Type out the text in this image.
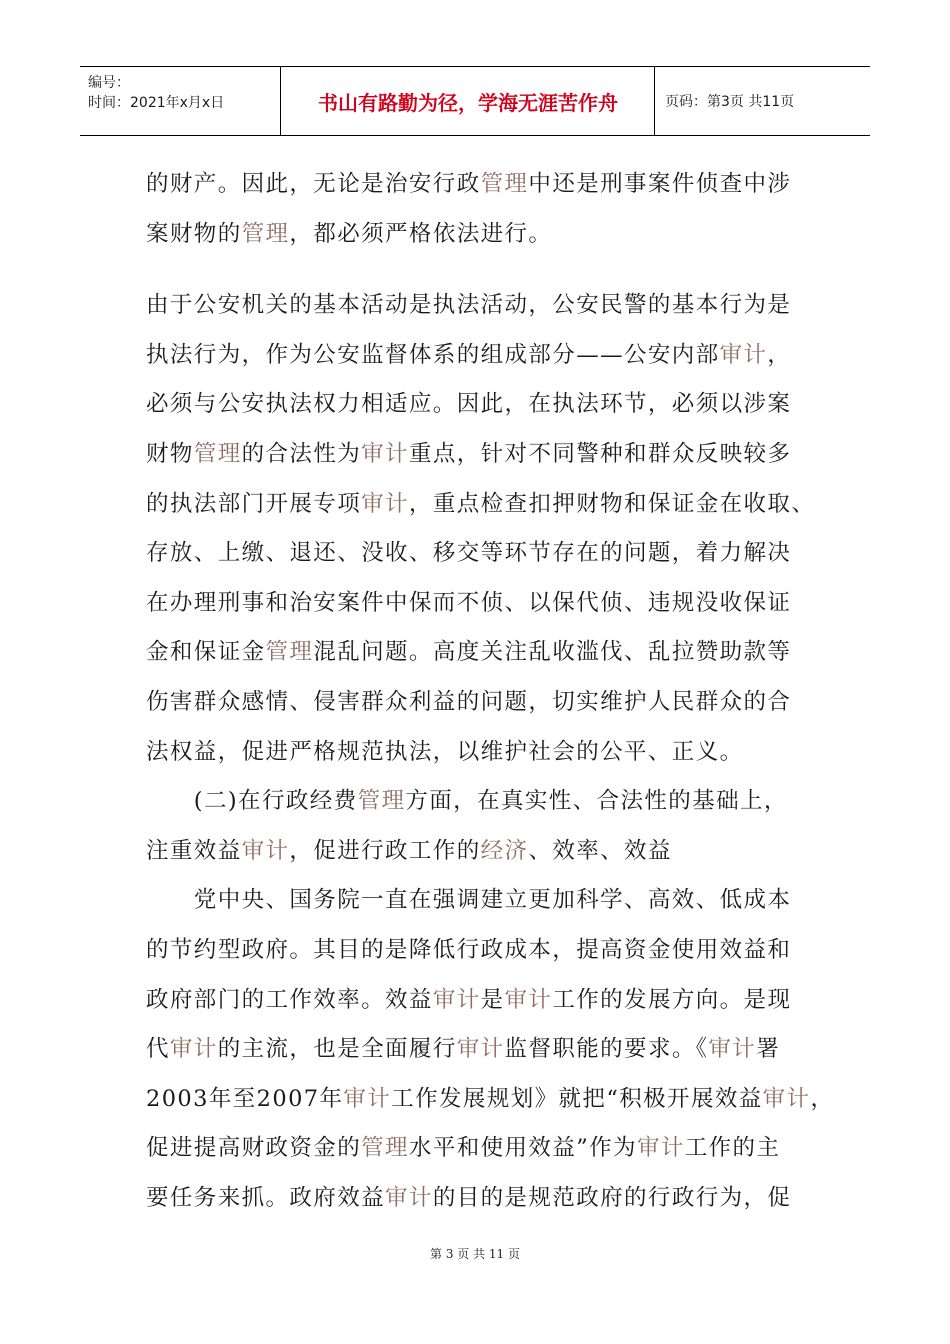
编号：
时间：2021年x月x日	书山有路勤为径，学海无涯苦作舟	页码：第3页 共11页

的财产。因此，无论是治安行政管理中还是刑事案件侦查中涉

案财物的管理，都必须严格依法进行。

由于公安机关的基本活动是执法活动，公安民警的基本行为是

执法行为，作为公安监督体系的组成部分——公安内部审计，

必须与公安执法权力相适应。因此，在执法环节，必须以涉案

财物管理的合法性为审计重点，针对不同警种和群众反映较多

的执法部门开展专项审计，重点检查扣押财物和保证金在收取、

存放、上缴、退还、没收、移交等环节存在的问题，着力解决

在办理刑事和治安案件中保而不侦、以保代侦、违规没收保证

金和保证金管理混乱问题。高度关注乱收滥伐、乱拉赞助款等

伤害群众感情、侵害群众利益的问题，切实维护人民群众的合

法权益，促进严格规范执法，以维护社会的公平、正义。

　　(二)在行政经费管理方面，在真实性、合法性的基础上，

注重效益审计，促进行政工作的经济、效率、效益

　　党中央、国务院一直在强调建立更加科学、高效、低成本

的节约型政府。其目的是降低行政成本，提高资金使用效益和

政府部门的工作效率。效益审计是审计工作的发展方向。是现

代审计的主流，也是全面履行审计监督职能的要求。《审计署

2003年至2007年审计工作发展规划》就把“积极开展效益审计，

促进提高财政资金的管理水平和使用效益”作为审计工作的主

要任务来抓。政府效益审计的目的是规范政府的行政行为，促

第 3 页 共 11 页
